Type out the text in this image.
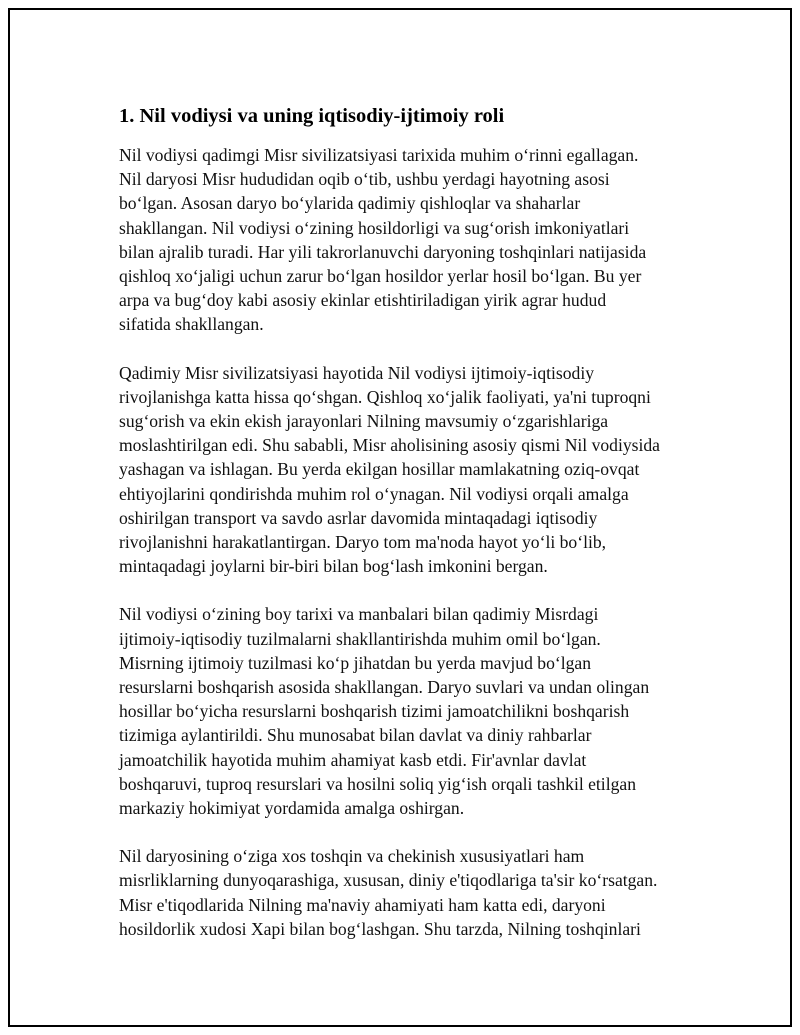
1. Nil vodiysi va uning iqtisodiy-ijtimoiy roli

Nil vodiysi qadimgi Misr sivilizatsiyasi tarixida muhim o‘rinni egallagan.
Nil daryosi Misr hududidan oqib o‘tib, ushbu yerdagi hayotning asosi
bo‘lgan. Asosan daryo bo‘ylarida qadimiy qishloqlar va shaharlar
shakllangan. Nil vodiysi o‘zining hosildorligi va sug‘orish imkoniyatlari
bilan ajralib turadi. Har yili takrorlanuvchi daryoning toshqinlari natijasida
qishloq xo‘jaligi uchun zarur bo‘lgan hosildor yerlar hosil bo‘lgan. Bu yer
arpa va bug‘doy kabi asosiy ekinlar etishtiriladigan yirik agrar hudud
sifatida shakllangan.

Qadimiy Misr sivilizatsiyasi hayotida Nil vodiysi ijtimoiy-iqtisodiy
rivojlanishga katta hissa qo‘shgan. Qishloq xo‘jalik faoliyati, ya'ni tuproqni
sug‘orish va ekin ekish jarayonlari Nilning mavsumiy o‘zgarishlariga
moslashtirilgan edi. Shu sababli, Misr aholisining asosiy qismi Nil vodiysida
yashagan va ishlagan. Bu yerda ekilgan hosillar mamlakatning oziq-ovqat
ehtiyojlarini qondirishda muhim rol o‘ynagan. Nil vodiysi orqali amalga
oshirilgan transport va savdo asrlar davomida mintaqadagi iqtisodiy
rivojlanishni harakatlantirgan. Daryo tom ma'noda hayot yo‘li bo‘lib,
mintaqadagi joylarni bir-biri bilan bog‘lash imkonini bergan.

Nil vodiysi o‘zining boy tarixi va manbalari bilan qadimiy Misrdagi
ijtimoiy-iqtisodiy tuzilmalarni shakllantirishda muhim omil bo‘lgan.
Misrning ijtimoiy tuzilmasi ko‘p jihatdan bu yerda mavjud bo‘lgan
resurslarni boshqarish asosida shakllangan. Daryo suvlari va undan olingan
hosillar bo‘yicha resurslarni boshqarish tizimi jamoatchilikni boshqarish
tizimiga aylantirildi. Shu munosabat bilan davlat va diniy rahbarlar
jamoatchilik hayotida muhim ahamiyat kasb etdi. Fir'avnlar davlat
boshqaruvi, tuproq resurslari va hosilni soliq yig‘ish orqali tashkil etilgan
markaziy hokimiyat yordamida amalga oshirgan.

Nil daryosining o‘ziga xos toshqin va chekinish xususiyatlari ham
misrliklarning dunyoqarashiga, xususan, diniy e'tiqodlariga ta'sir ko‘rsatgan.
Misr e'tiqodlarida Nilning ma'naviy ahamiyati ham katta edi, daryoni
hosildorlik xudosi Xapi bilan bog‘lashgan. Shu tarzda, Nilning toshqinlari
